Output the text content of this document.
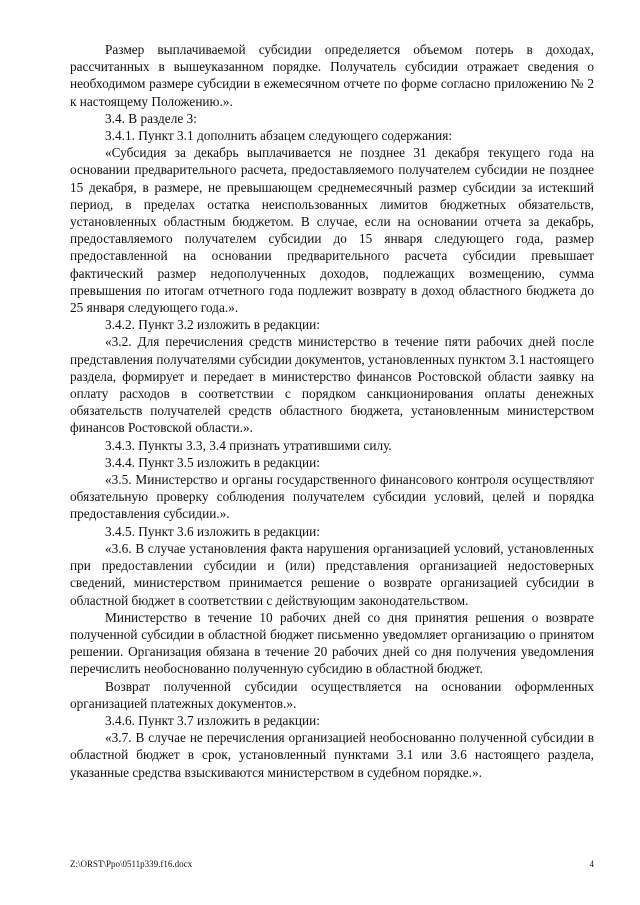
Размер выплачиваемой субсидии определяется объемом потерь в доходах, рассчитанных в вышеуказанном порядке. Получатель субсидии отражает сведения о необходимом размере субсидии в ежемесячном отчете по форме согласно приложению № 2 к настоящему Положению.».

3.4. В разделе 3:

3.4.1. Пункт 3.1 дополнить абзацем следующего содержания:

«Субсидия за декабрь выплачивается не позднее 31 декабря текущего года на основании предварительного расчета, предоставляемого получателем субсидии не позднее 15 декабря, в размере, не превышающем среднемесячный размер субсидии за истекший период, в пределах остатка неиспользованных лимитов бюджетных обязательств, установленных областным бюджетом. В случае, если на основании отчета за декабрь, предоставляемого получателем субсидии до 15 января следующего года, размер предоставленной на основании предварительного расчета субсидии превышает фактический размер недополученных доходов, подлежащих возмещению, сумма превышения по итогам отчетного года подлежит возврату в доход областного бюджета до 25 января следующего года.».

3.4.2. Пункт 3.2 изложить в редакции:

«3.2. Для перечисления средств министерство в течение пяти рабочих дней после представления получателями субсидии документов, установленных пунктом 3.1 настоящего раздела, формирует и передает в министерство финансов Ростовской области заявку на оплату расходов в соответствии с порядком санкционирования оплаты денежных обязательств получателей средств областного бюджета, установленным министерством финансов Ростовской области.».

3.4.3. Пункты 3.3, 3.4 признать утратившими силу.

3.4.4. Пункт 3.5 изложить в редакции:

«3.5. Министерство и органы государственного финансового контроля осуществляют обязательную проверку соблюдения получателем субсидии условий, целей и порядка предоставления субсидии.».

3.4.5. Пункт 3.6 изложить в редакции:

«3.6. В случае установления факта нарушения организацией условий, установленных при предоставлении субсидии и (или) представления организацией недостоверных сведений, министерством принимается решение о возврате организацией субсидии в областной бюджет в соответствии с действующим законодательством.

Министерство в течение 10 рабочих дней со дня принятия решения о возврате полученной субсидии в областной бюджет письменно уведомляет организацию о принятом решении. Организация обязана в течение 20 рабочих дней со дня получения уведомления перечислить необоснованно полученную субсидию в областной бюджет.

Возврат полученной субсидии осуществляется на основании оформленных организацией платежных документов.».

3.4.6. Пункт 3.7 изложить в редакции:

«3.7. В случае не перечисления организацией необоснованно полученной субсидии в областной бюджет в срок, установленный пунктами 3.1 или 3.6 настоящего раздела, указанные средства взыскиваются министерством в судебном порядке.».

Z:\ORST\Ppo\0511p339.f16.docx	4
